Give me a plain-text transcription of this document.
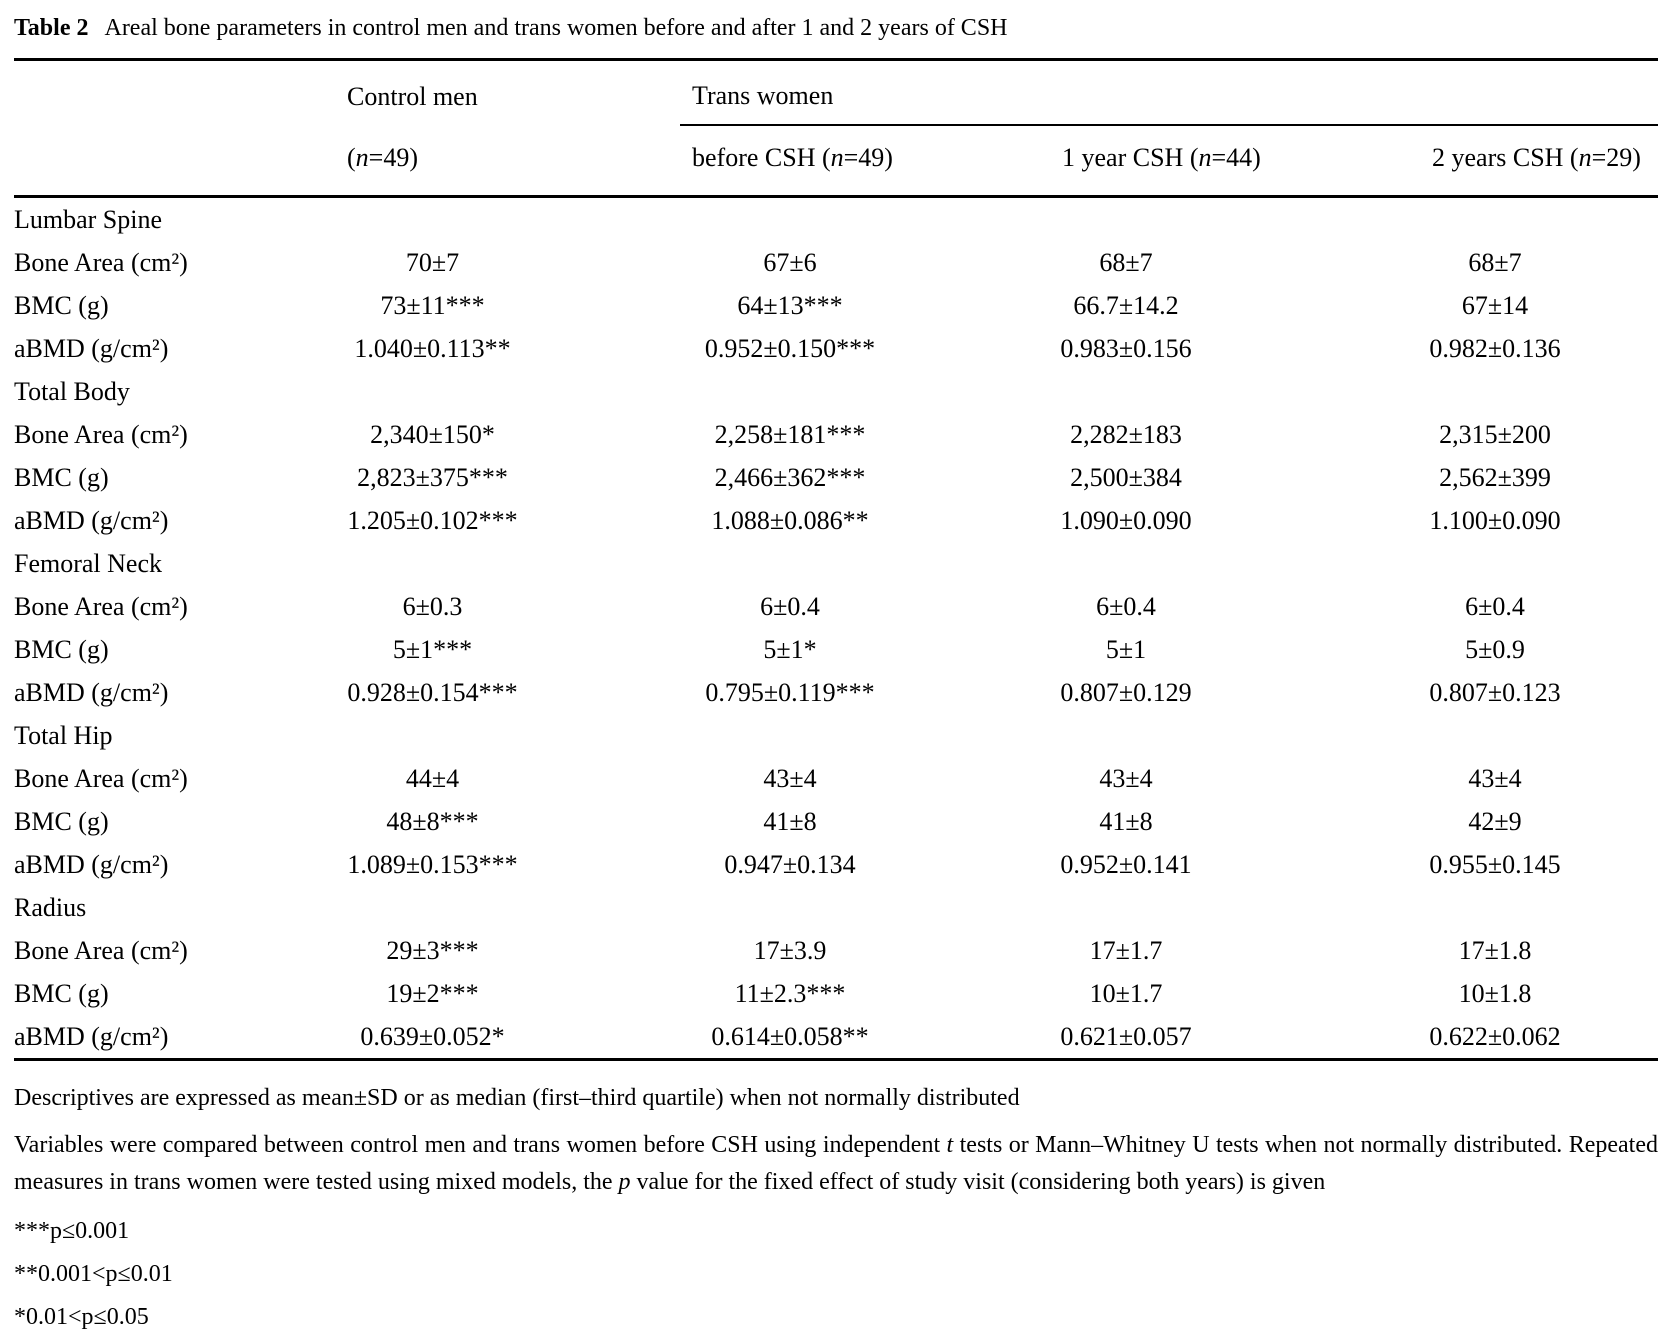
Table 2 Areal bone parameters in control men and trans women before and after 1 and 2 years of CSH

	Control men	Trans women		
	(n=49)	before CSH (n=49)	1 year CSH (n=44)	2 years CSH (n=29)
Lumbar Spine				
Bone Area (cm²)	70±7	67±6	68±7	68±7
BMC (g)	73±11***	64±13***	66.7±14.2	67±14
aBMD (g/cm²)	1.040±0.113**	0.952±0.150***	0.983±0.156	0.982±0.136
Total Body				
Bone Area (cm²)	2,340±150*	2,258±181***	2,282±183	2,315±200
BMC (g)	2,823±375***	2,466±362***	2,500±384	2,562±399
aBMD (g/cm²)	1.205±0.102***	1.088±0.086**	1.090±0.090	1.100±0.090
Femoral Neck				
Bone Area (cm²)	6±0.3	6±0.4	6±0.4	6±0.4
BMC (g)	5±1***	5±1*	5±1	5±0.9
aBMD (g/cm²)	0.928±0.154***	0.795±0.119***	0.807±0.129	0.807±0.123
Total Hip				
Bone Area (cm²)	44±4	43±4	43±4	43±4
BMC (g)	48±8***	41±8	41±8	42±9
aBMD (g/cm²)	1.089±0.153***	0.947±0.134	0.952±0.141	0.955±0.145
Radius				
Bone Area (cm²)	29±3***	17±3.9	17±1.7	17±1.8
BMC (g)	19±2***	11±2.3***	10±1.7	10±1.8
aBMD (g/cm²)	0.639±0.052*	0.614±0.058**	0.621±0.057	0.622±0.062

Descriptives are expressed as mean±SD or as median (first–third quartile) when not normally distributed

Variables were compared between control men and trans women before CSH using independent t tests or Mann–Whitney U tests when not normally distributed. Repeated measures in trans women were tested using mixed models, the p value for the fixed effect of study visit (considering both years) is given

***p≤0.001

**0.001<p≤0.01

*0.01<p≤0.05
